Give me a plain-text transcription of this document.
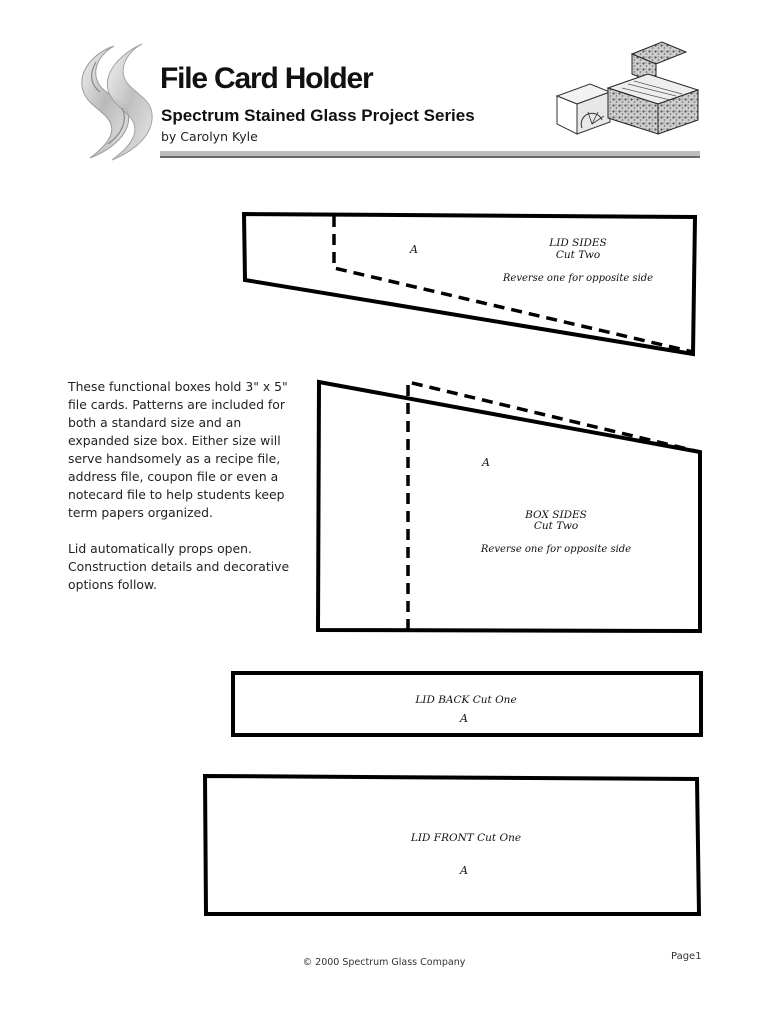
File Card Holder
Spectrum Stained Glass Project Series
by Carolyn Kyle
A	LID SIDES
Cut Two
Reverse one for opposite side
A
BOX SIDES
Cut Two
Reverse one for opposite side
LID BACK Cut One
A
LID FRONT Cut One
A

These functional boxes hold 3" x 5" file cards. Patterns are included for both a standard size and an expanded size box. Either size will serve handsomely as a recipe file, address file, coupon file or even a notecard file to help students keep term papers organized.

Lid automatically props open. Construction details and decorative options follow.

© 2000 Spectrum Glass Company
Page1
